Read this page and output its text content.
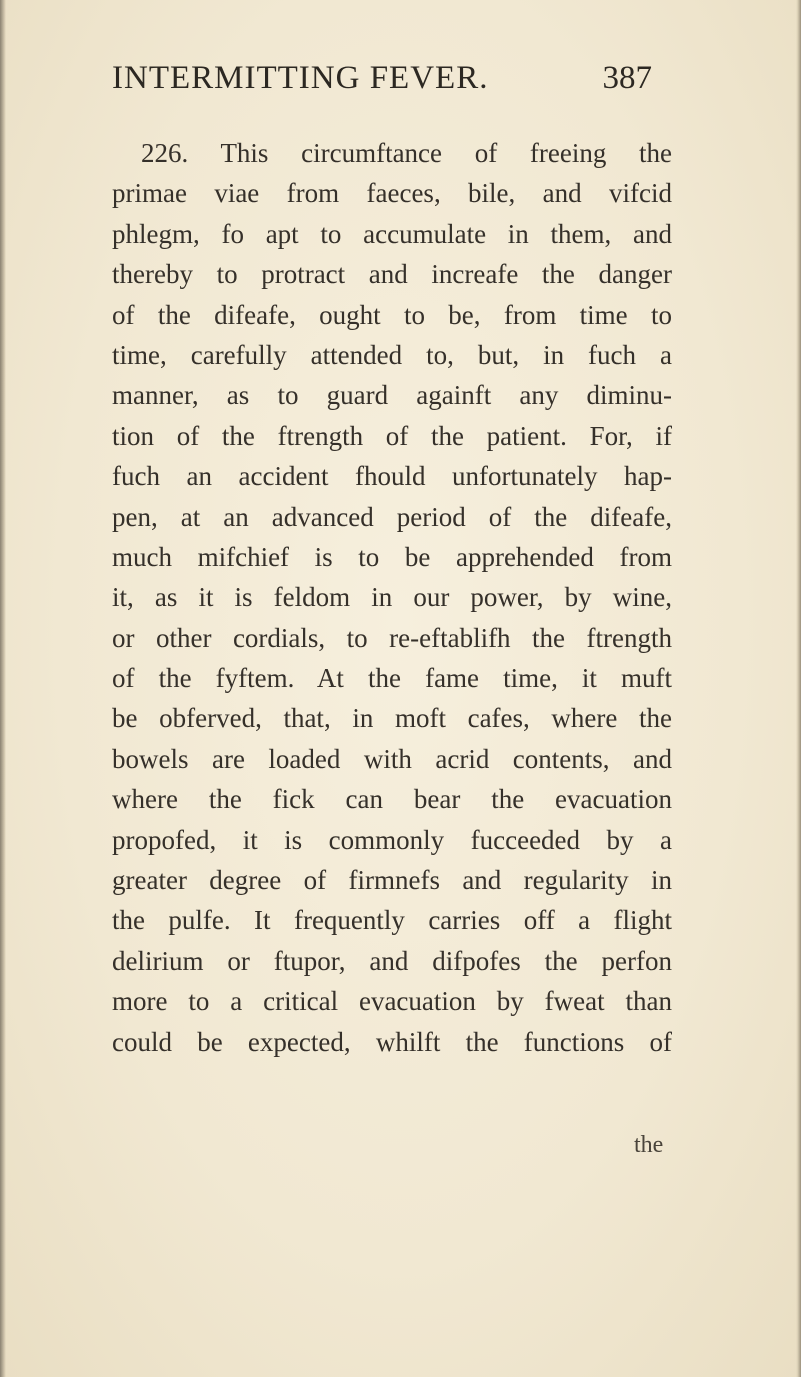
INTERMITTING FEVER.	387
226. This circumftance of freeing the
primae viae from faeces, bile, and vifcid
phlegm, fo apt to accumulate in them, and
thereby to protract and increafe the danger
of the difeafe, ought to be, from time to
time, carefully attended to, but, in fuch a
manner, as to guard againft any diminu-
tion of the ftrength of the patient. For, if
fuch an accident fhould unfortunately hap-
pen, at an advanced period of the difeafe,
much mifchief is to be apprehended from
it, as it is feldom in our power, by wine,
or other cordials, to re-eftablifh the ftrength
of the fyftem. At the fame time, it muft
be obferved, that, in moft cafes, where the
bowels are loaded with acrid contents, and
where the fick can bear the evacuation
propofed, it is commonly fucceeded by a
greater degree of firmnefs and regularity in
the pulfe. It frequently carries off a flight
delirium or ftupor, and difpofes the perfon
more to a critical evacuation by fweat than
could be expected, whilft the functions of
the
